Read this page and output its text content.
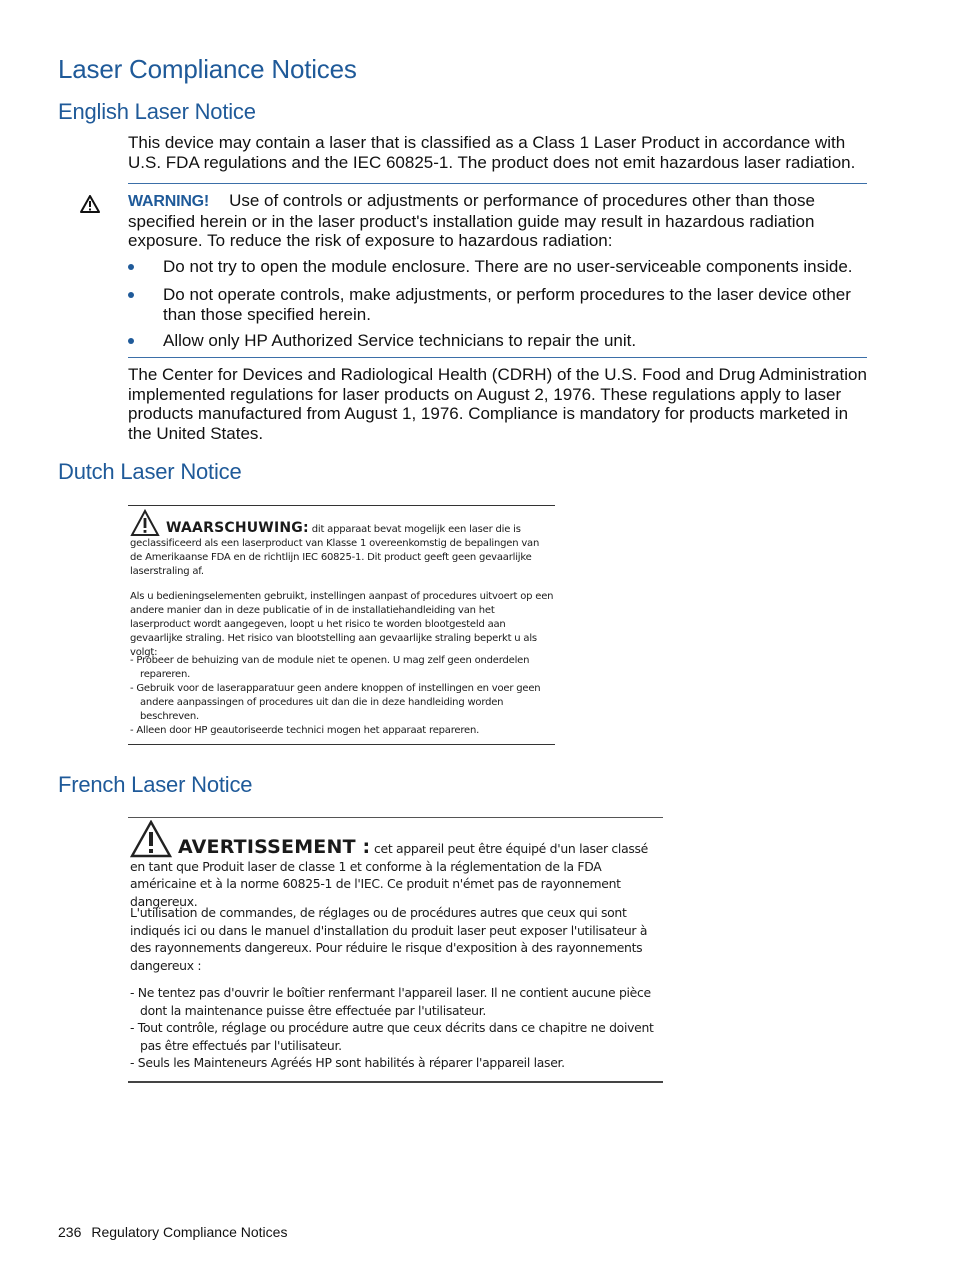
Laser Compliance Notices
English Laser Notice

This device may contain a laser that is classified as a Class 1 Laser Product in accordance with U.S. FDA regulations and the IEC 60825-1. The product does not emit hazardous laser radiation.

WARNING! Use of controls or adjustments or performance of procedures other than those specified herein or in the laser product's installation guide may result in hazardous radiation exposure. To reduce the risk of exposure to hazardous radiation:

Do not try to open the module enclosure. There are no user-serviceable components inside.
Do not operate controls, make adjustments, or perform procedures to the laser device other than those specified herein.
Allow only HP Authorized Service technicians to repair the unit.

The Center for Devices and Radiological Health (CDRH) of the U.S. Food and Drug Administration implemented regulations for laser products on August 2, 1976. These regulations apply to laser products manufactured from August 1, 1976. Compliance is mandatory for products marketed in the United States.

Dutch Laser Notice
WAARSCHUWING: dit apparaat bevat mogelijk een laser die is geclassificeerd als een laserproduct van Klasse 1 overeenkomstig de bepalingen van de Amerikaanse FDA en de richtlijn IEC 60825-1. Dit product geeft geen gevaarlijke laserstraling af.
Als u bedieningselementen gebruikt, instellingen aanpast of procedures uitvoert op een andere manier dan in deze publicatie of in de installatiehandleiding van het laserproduct wordt aangegeven, loopt u het risico te worden blootgesteld aan gevaarlijke straling. Het risico van blootstelling aan gevaarlijke straling beperkt u als volgt:
- Probeer de behuizing van de module niet te openen. U mag zelf geen onderdelen repareren.
- Gebruik voor de laserapparatuur geen andere knoppen of instellingen en voer geen andere aanpassingen of procedures uit dan die in deze handleiding worden beschreven.
- Alleen door HP geautoriseerde technici mogen het apparaat repareren.
French Laser Notice
AVERTISSEMENT : cet appareil peut être équipé d'un laser classé en tant que Produit laser de classe 1 et conforme à la réglementation de la FDA américaine et à la norme 60825-1 de l'IEC. Ce produit n'émet pas de rayonnement dangereux.
L'utilisation de commandes, de réglages ou de procédures autres que ceux qui sont indiqués ici ou dans le manuel d'installation du produit laser peut exposer l'utilisateur à des rayonnements dangereux. Pour réduire le risque d'exposition à des rayonnements dangereux :
- Ne tentez pas d'ouvrir le boîtier renfermant l'appareil laser. Il ne contient aucune pièce dont la maintenance puisse être effectuée par l'utilisateur.
- Tout contrôle, réglage ou procédure autre que ceux décrits dans ce chapitre ne doivent pas être effectués par l'utilisateur.
- Seuls les Mainteneurs Agréés HP sont habilités à réparer l'appareil laser.
236 Regulatory Compliance Notices
